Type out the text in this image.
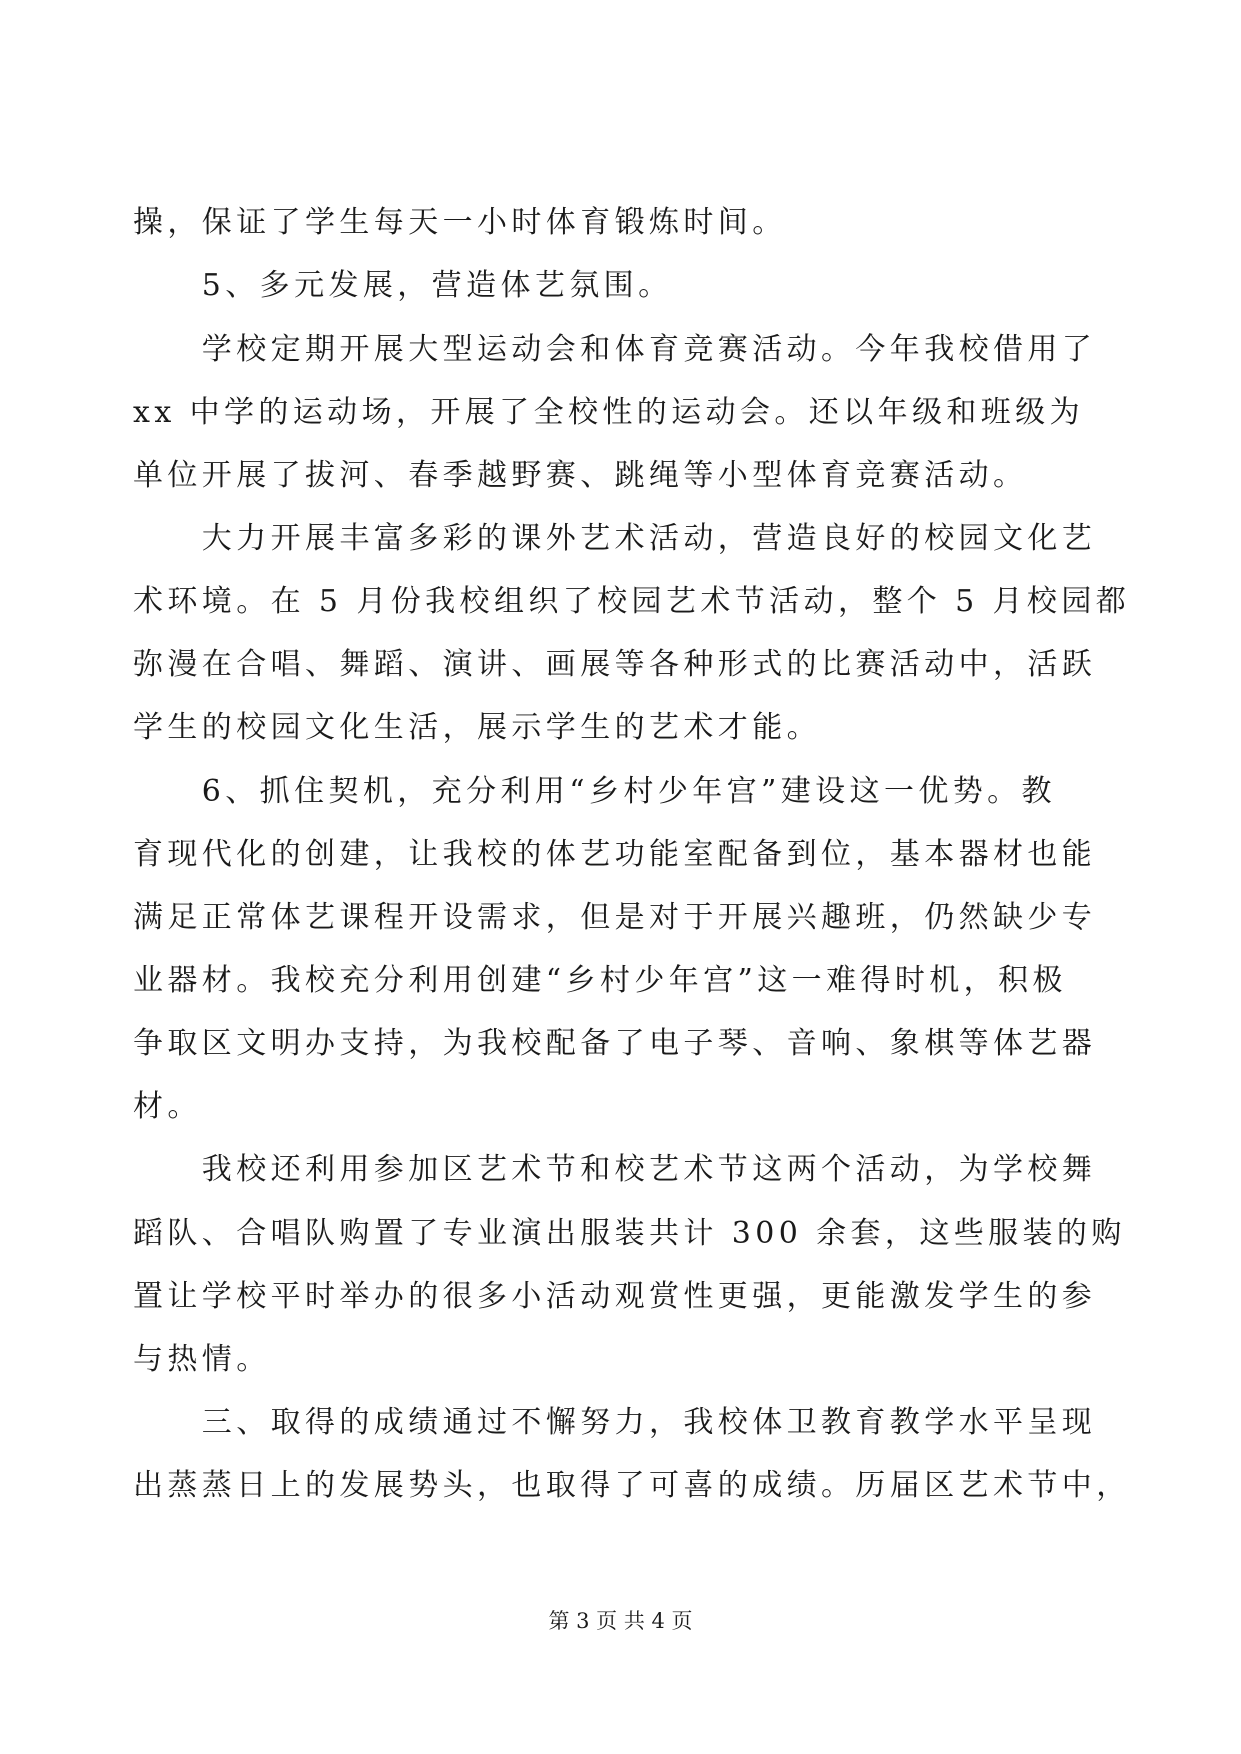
操，保证了学生每天一小时体育锻炼时间。
　　5、多元发展，营造体艺氛围。
　　学校定期开展大型运动会和体育竞赛活动。今年我校借用了
xx 中学的运动场，开展了全校性的运动会。还以年级和班级为
单位开展了拔河、春季越野赛、跳绳等小型体育竞赛活动。
　　大力开展丰富多彩的课外艺术活动，营造良好的校园文化艺
术环境。在 5 月份我校组织了校园艺术节活动，整个 5 月校园都
弥漫在合唱、舞蹈、演讲、画展等各种形式的比赛活动中，活跃
学生的校园文化生活，展示学生的艺术才能。
　　6、抓住契机，充分利用“乡村少年宫”建设这一优势。教
育现代化的创建，让我校的体艺功能室配备到位，基本器材也能
满足正常体艺课程开设需求，但是对于开展兴趣班，仍然缺少专
业器材。我校充分利用创建“乡村少年宫”这一难得时机，积极
争取区文明办支持，为我校配备了电子琴、音响、象棋等体艺器
材。
　　我校还利用参加区艺术节和校艺术节这两个活动，为学校舞
蹈队、合唱队购置了专业演出服装共计 300 余套，这些服装的购
置让学校平时举办的很多小活动观赏性更强，更能激发学生的参
与热情。
　　三、取得的成绩通过不懈努力，我校体卫教育教学水平呈现
出蒸蒸日上的发展势头，也取得了可喜的成绩。历届区艺术节中，
第 3 页 共 4 页
